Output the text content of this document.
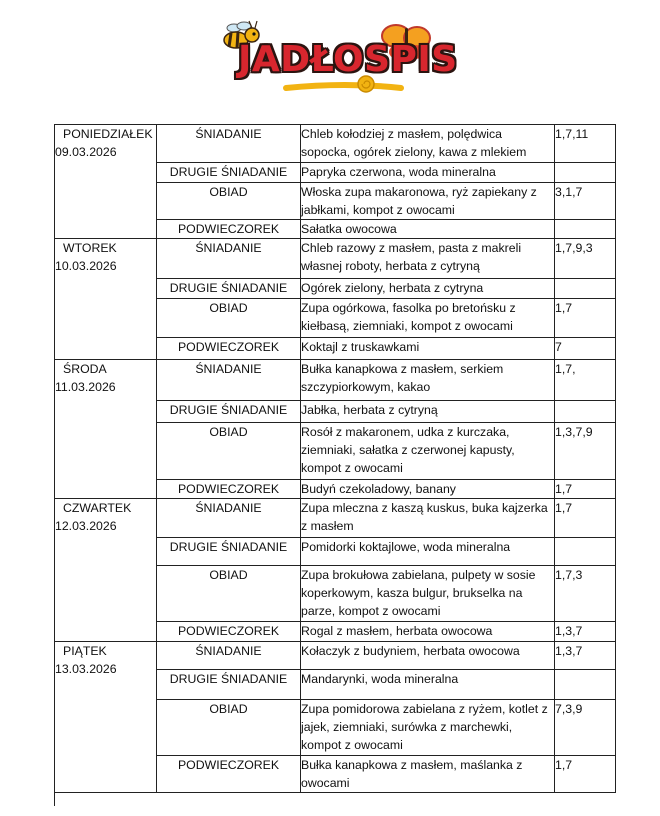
JADŁOSPIS
PONIEDZIAŁEK
09.03.2026	ŚNIADANIE	Chleb kołodziej z masłem, polędwica sopocka, ogórek zielony, kawa z mlekiem	1,7,11
	DRUGIE ŚNIADANIE	Papryka czerwona, woda mineralna	
	OBIAD	Włoska zupa makaronowa, ryż zapiekany z jabłkami, kompot z owocami	3,1,7
	PODWIECZOREK	Sałatka owocowa	

WTOREK
10.03.2026	ŚNIADANIE	Chleb razowy z masłem, pasta z makreli własnej roboty, herbata z cytryną	1,7,9,3
	DRUGIE ŚNIADANIE	Ogórek zielony, herbata z cytryna	
	OBIAD	Zupa ogórkowa, fasolka po bretońsku z kiełbasą, ziemniaki, kompot z owocami	1,7
	PODWIECZOREK	Koktajl z truskawkami	7

ŚRODA
11.03.2026	ŚNIADANIE	Bułka kanapkowa z masłem, serkiem szczypiorkowym, kakao	1,7,
	DRUGIE ŚNIADANIE	Jabłka, herbata z cytryną	
	OBIAD	Rosół z makaronem, udka z kurczaka, ziemniaki, sałatka z czerwonej kapusty, kompot z owocami	1,3,7,9
	PODWIECZOREK	Budyń czekoladowy, banany	1,7

CZWARTEK
12.03.2026	ŚNIADANIE	Zupa mleczna z kaszą kuskus, buka kajzerka z masłem	1,7
	DRUGIE ŚNIADANIE	Pomidorki koktajlowe, woda mineralna	
	OBIAD	Zupa brokułowa zabielana, pulpety w sosie koperkowym, kasza bulgur, brukselka na parze, kompot z owocami	1,7,3
	PODWIECZOREK	Rogal z masłem, herbata owocowa	1,3,7

PIĄTEK
13.03.2026	ŚNIADANIE	Kołaczyk z budyniem, herbata owocowa	1,3,7
	DRUGIE ŚNIADANIE	Mandarynki, woda mineralna	
	OBIAD	Zupa pomidorowa zabielana z ryżem, kotlet z jajek, ziemniaki, surówka z marchewki, kompot z owocami	7,3,9
	PODWIECZOREK	Bułka kanapkowa z masłem, maślanka z owocami	1,7
